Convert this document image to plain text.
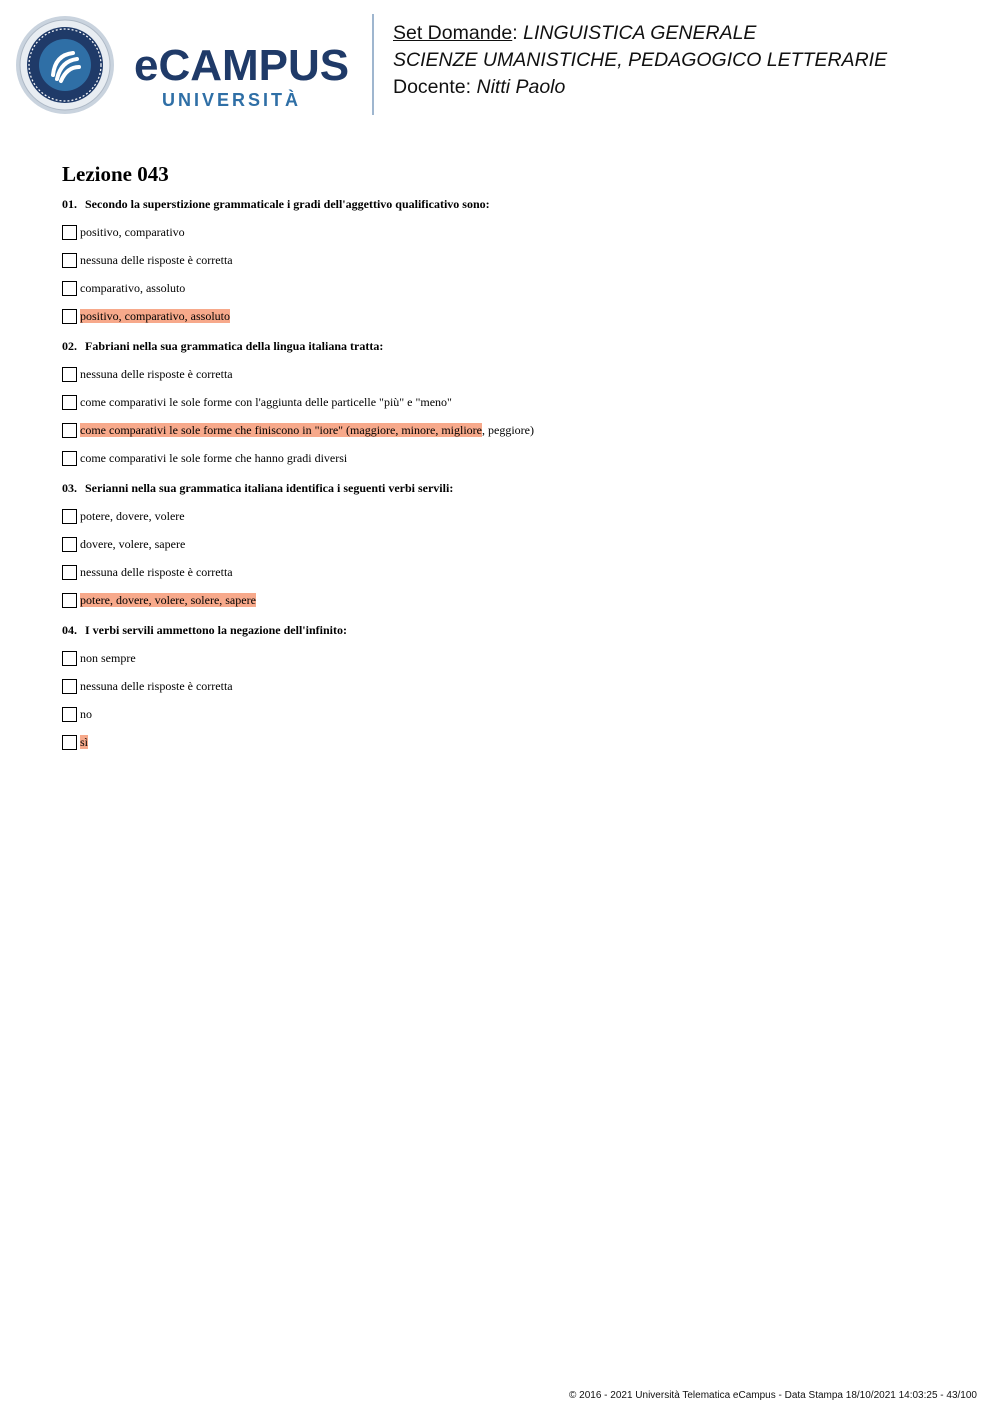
eCAMPUS
UNIVERSITÀ
Set Domande: LINGUISTICA GENERALE
SCIENZE UMANISTICHE, PEDAGOGICO LETTERARIE
Docente: Nitti Paolo
Lezione 043
01. Secondo la superstizione grammaticale i gradi dell'aggettivo qualificativo sono:
positivo, comparativo
nessuna delle risposte è corretta
comparativo, assoluto
positivo, comparativo, assoluto
02. Fabriani nella sua grammatica della lingua italiana tratta:
nessuna delle risposte è corretta
come comparativi le sole forme con l'aggiunta delle particelle "più" e "meno"
come comparativi le sole forme che finiscono in "iore" (maggiore, minore, migliore, peggiore)
come comparativi le sole forme che hanno gradi diversi
03. Serianni nella sua grammatica italiana identifica i seguenti verbi servili:
potere, dovere, volere
dovere, volere, sapere
nessuna delle risposte è corretta
potere, dovere, volere, solere, sapere
04. I verbi servili ammettono la negazione dell'infinito:
non sempre
nessuna delle risposte è corretta
no
sì
© 2016 - 2021 Università Telematica eCampus - Data Stampa 18/10/2021 14:03:25 - 43/100
